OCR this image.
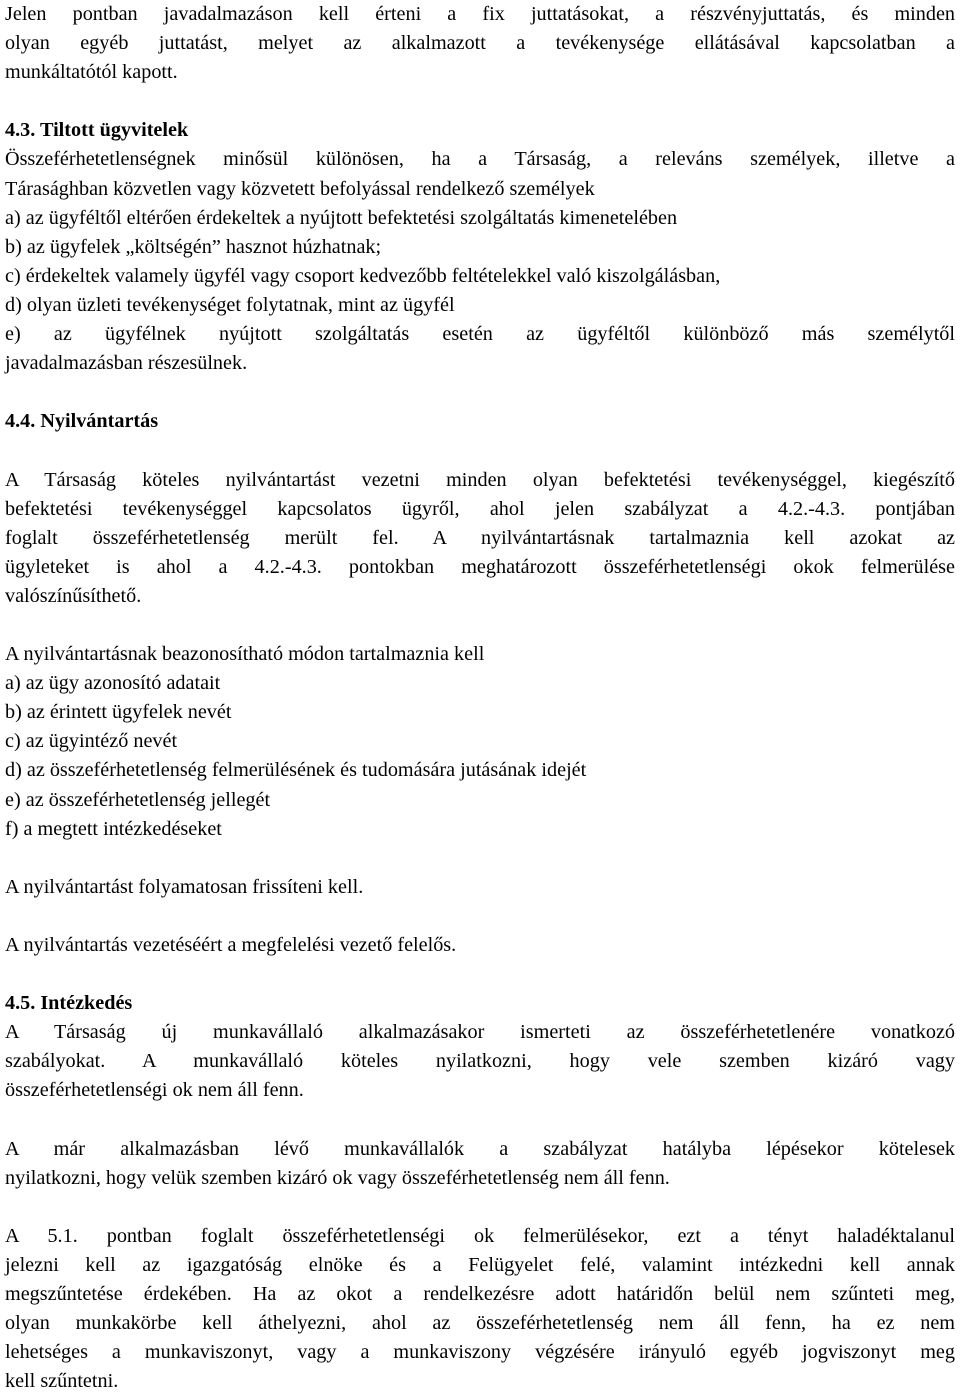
Jelen pontban javadalmazáson kell érteni a fix juttatásokat, a részvényjuttatás, és minden
olyan egyéb juttatást, melyet az alkalmazott a tevékenysége ellátásával kapcsolatban a
munkáltatótól kapott.
4.3. Tiltott ügyvitelek
Összeférhetetlenségnek minősül különösen, ha a Társaság, a releváns személyek, illetve a
Tárasághban közvetlen vagy közvetett befolyással rendelkező személyek
a) az ügyféltől eltérően érdekeltek a nyújtott befektetési szolgáltatás kimenetelében
b) az ügyfelek „költségén” hasznot húzhatnak;
c) érdekeltek valamely ügyfél vagy csoport kedvezőbb feltételekkel való kiszolgálásban,
d) olyan üzleti tevékenységet folytatnak, mint az ügyfél
e) az ügyfélnek nyújtott szolgáltatás esetén az ügyféltől különböző más személytől
javadalmazásban részesülnek.
4.4. Nyilvántartás
A Társaság köteles nyilvántartást vezetni minden olyan befektetési tevékenységgel, kiegészítő
befektetési tevékenységgel kapcsolatos ügyről, ahol jelen szabályzat a 4.2.-4.3. pontjában
foglalt összeférhetetlenség merült fel. A nyilvántartásnak tartalmaznia kell azokat az
ügyleteket is ahol a 4.2.-4.3. pontokban meghatározott összeférhetetlenségi okok felmerülése
valószínűsíthető.
A nyilvántartásnak beazonosítható módon tartalmaznia kell
a) az ügy azonosító adatait
b) az érintett ügyfelek nevét
c) az ügyintéző nevét
d) az összeférhetetlenség felmerülésének és tudomására jutásának idejét
e) az összeférhetetlenség jellegét
f) a megtett intézkedéseket
A nyilvántartást folyamatosan frissíteni kell.
A nyilvántartás vezetéséért a megfelelési vezető felelős.
4.5. Intézkedés
A Társaság új munkavállaló alkalmazásakor ismerteti az összeférhetetlenére vonatkozó
szabályokat. A munkavállaló köteles nyilatkozni, hogy vele szemben kizáró vagy
összeférhetetlenségi ok nem áll fenn.
A már alkalmazásban lévő munkavállalók a szabályzat hatályba lépésekor kötelesek
nyilatkozni, hogy velük szemben kizáró ok vagy összeférhetetlenség nem áll fenn.
A 5.1. pontban foglalt összeférhetetlenségi ok felmerülésekor, ezt a tényt haladéktalanul
jelezni kell az igazgatóság elnöke és a Felügyelet felé, valamint intézkedni kell annak
megszűntetése érdekében. Ha az okot a rendelkezésre adott határidőn belül nem szűnteti meg,
olyan munkakörbe kell áthelyezni, ahol az összeférhetetlenség nem áll fenn, ha ez nem
lehetséges a munkaviszonyt, vagy a munkaviszony végzésére irányuló egyéb jogviszonyt meg
kell szűntetni.
